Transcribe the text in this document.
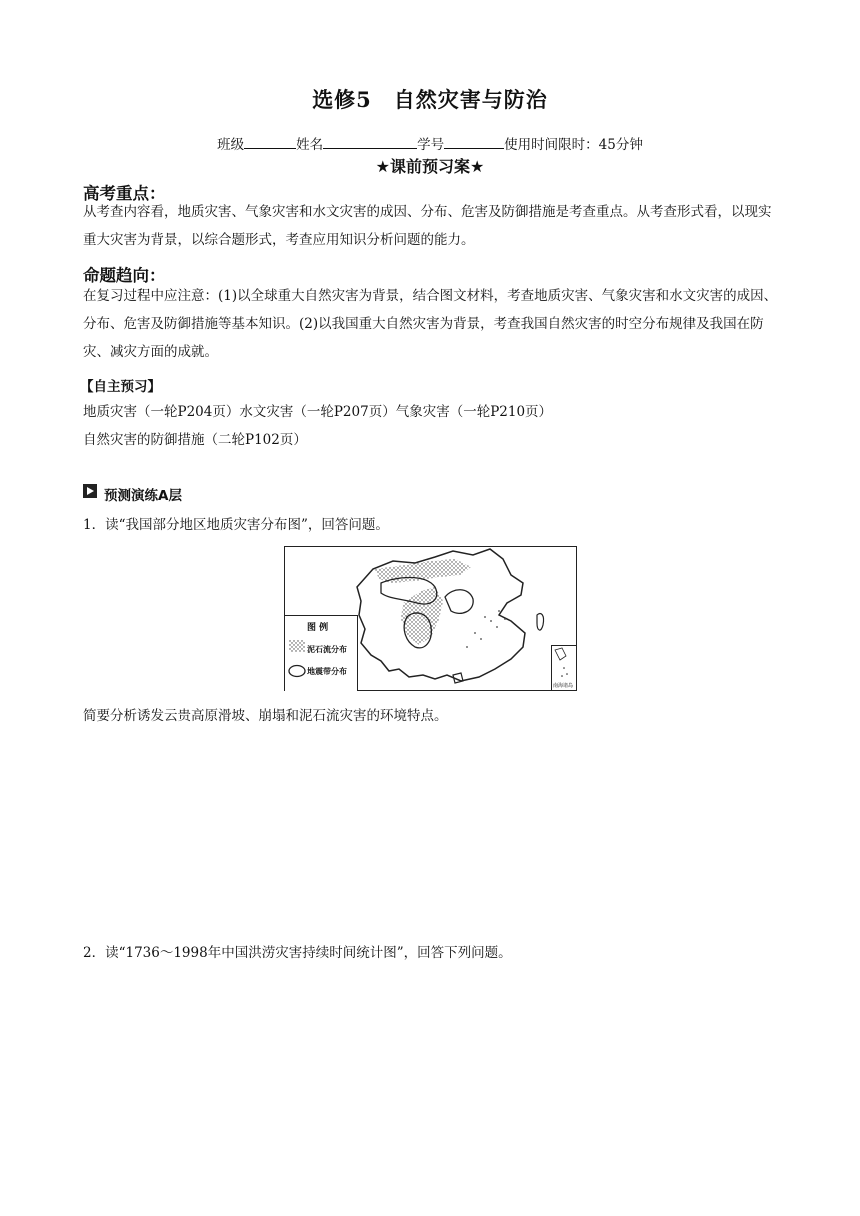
选修5　自然灾害与防治
班级	姓名	学号	使用时间限时：45分钟
★课前预习案★
高考重点：
从考查内容看，地质灾害、气象灾害和水文灾害的成因、分布、危害及防御措施是考查重点。从考查形式看，以现实重大灾害为背景，以综合题形式，考查应用知识分析问题的能力。
命题趋向：
在复习过程中应注意：(1)以全球重大自然灾害为背景，结合图文材料，考查地质灾害、气象灾害和水文灾害的成因、分布、危害及防御措施等基本知识。(2)以我国重大自然灾害为背景，考查我国自然灾害的时空分布规律及我国在防灾、减灾方面的成就。
【自主预习】
地质灾害（一轮P204页）水文灾害（一轮P207页）气象灾害（一轮P210页）
自然灾害的防御措施（二轮P102页）
预测演练A层
1．读“我国部分地区地质灾害分布图”，回答问题。
图 例
泥石流分布
地震带分布
南海诸岛
简要分析诱发云贵高原滑坡、崩塌和泥石流灾害的环境特点。
2．读“1736～1998年中国洪涝灾害持续时间统计图”，回答下列问题。
